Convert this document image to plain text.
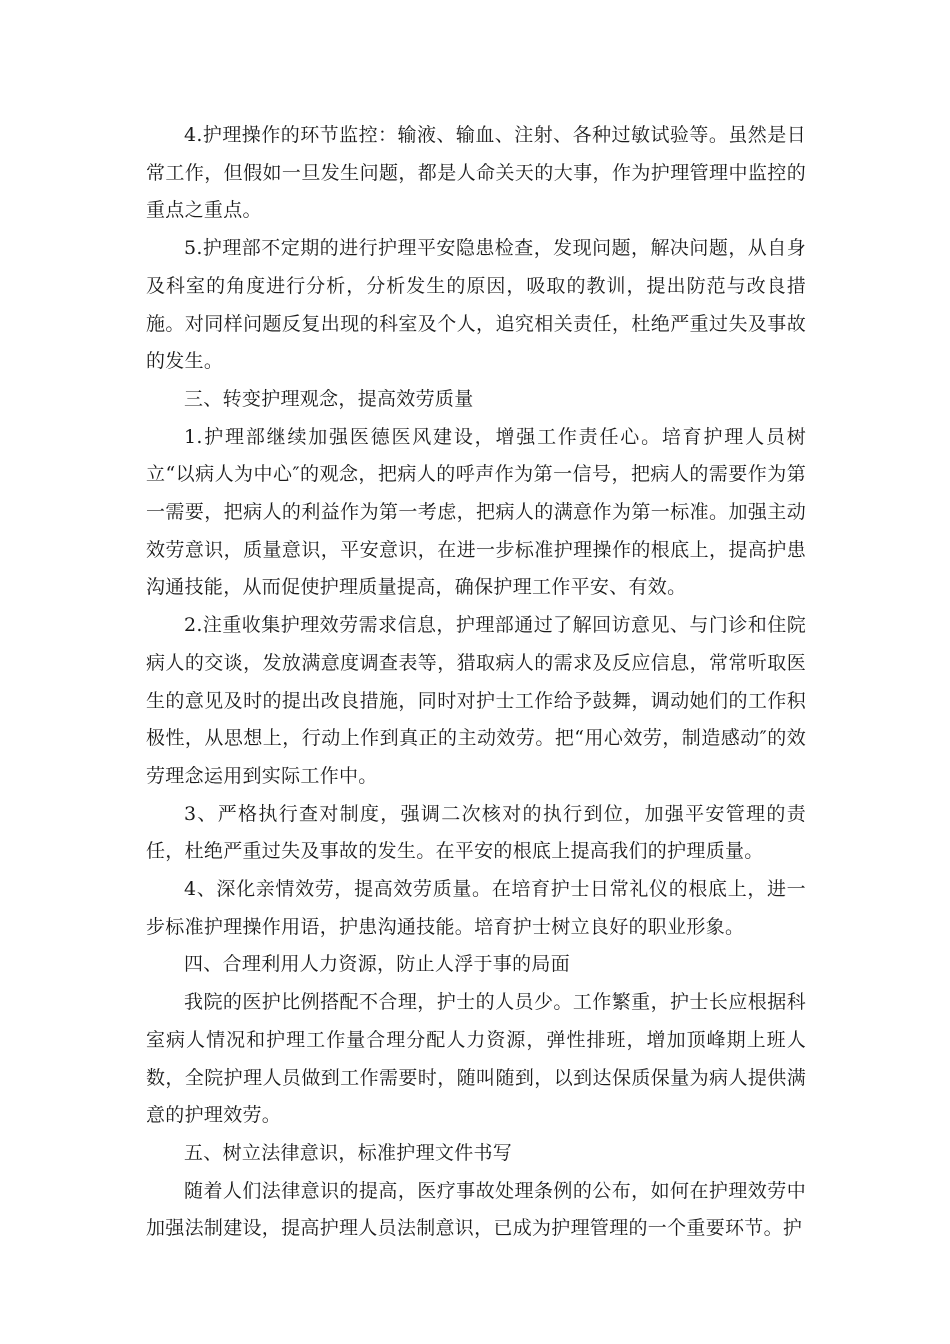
4.护理操作的环节监控：输液、输血、注射、各种过敏试验等。虽然是日常工作，但假如一旦发生问题，都是人命关天的大事，作为护理管理中监控的重点之重点。

5.护理部不定期的进行护理平安隐患检查，发现问题，解决问题，从自身及科室的角度进行分析，分析发生的原因，吸取的教训，提出防范与改良措施。对同样问题反复出现的科室及个人，追究相关责任，杜绝严重过失及事故的发生。

三、转变护理观念，提高效劳质量

1.护理部继续加强医德医风建设，增强工作责任心。培育护理人员树立“以病人为中心″的观念，把病人的呼声作为第一信号，把病人的需要作为第一需要，把病人的利益作为第一考虑，把病人的满意作为第一标准。加强主动效劳意识，质量意识，平安意识，在进一步标准护理操作的根底上，提高护患沟通技能，从而促使护理质量提高，确保护理工作平安、有效。

2.注重收集护理效劳需求信息，护理部通过了解回访意见、与门诊和住院病人的交谈，发放满意度调查表等，猎取病人的需求及反应信息，常常听取医生的意见及时的提出改良措施，同时对护士工作给予鼓舞，调动她们的工作积极性，从思想上，行动上作到真正的主动效劳。把“用心效劳，制造感动″的效劳理念运用到实际工作中。

3、严格执行查对制度，强调二次核对的执行到位，加强平安管理的责任，杜绝严重过失及事故的发生。在平安的根底上提高我们的护理质量。

4、深化亲情效劳，提高效劳质量。在培育护士日常礼仪的根底上，进一步标准护理操作用语，护患沟通技能。培育护士树立良好的职业形象。

四、合理利用人力资源，防止人浮于事的局面

我院的医护比例搭配不合理，护士的人员少。工作繁重，护士长应根据科室病人情况和护理工作量合理分配人力资源，弹性排班，增加顶峰期上班人数，全院护理人员做到工作需要时，随叫随到，以到达保质保量为病人提供满意的护理效劳。

五、树立法律意识，标准护理文件书写

随着人们法律意识的提高，医疗事故处理条例的公布，如何在护理效劳中加强法制建设，提高护理人员法制意识，已成为护理管理的一个重要环节。护
